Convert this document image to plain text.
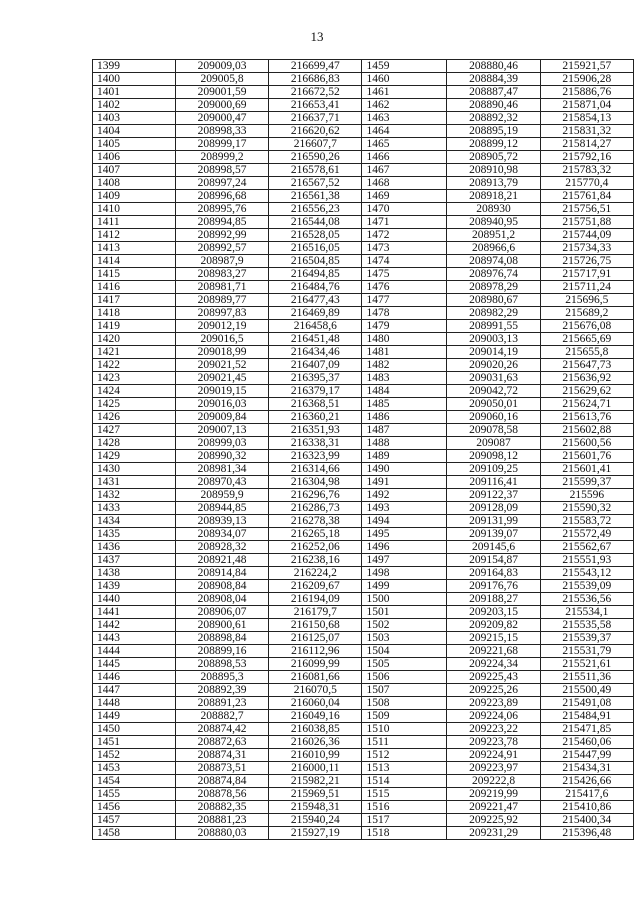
13
1399	209009,03	216699,47	1459	208880,46	215921,57
1400	209005,8	216686,83	1460	208884,39	215906,28
1401	209001,59	216672,52	1461	208887,47	215886,76
1402	209000,69	216653,41	1462	208890,46	215871,04
1403	209000,47	216637,71	1463	208892,32	215854,13
1404	208998,33	216620,62	1464	208895,19	215831,32
1405	208999,17	216607,7	1465	208899,12	215814,27
1406	208999,2	216590,26	1466	208905,72	215792,16
1407	208998,57	216578,61	1467	208910,98	215783,32
1408	208997,24	216567,52	1468	208913,79	215770,4
1409	208996,68	216561,38	1469	208918,21	215761,84
1410	208995,76	216556,23	1470	208930	215756,51
1411	208994,85	216544,08	1471	208940,95	215751,88
1412	208992,99	216528,05	1472	208951,2	215744,09
1413	208992,57	216516,05	1473	208966,6	215734,33
1414	208987,9	216504,85	1474	208974,08	215726,75
1415	208983,27	216494,85	1475	208976,74	215717,91
1416	208981,71	216484,76	1476	208978,29	215711,24
1417	208989,77	216477,43	1477	208980,67	215696,5
1418	208997,83	216469,89	1478	208982,29	215689,2
1419	209012,19	216458,6	1479	208991,55	215676,08
1420	209016,5	216451,48	1480	209003,13	215665,69
1421	209018,99	216434,46	1481	209014,19	215655,8
1422	209021,52	216407,09	1482	209020,26	215647,73
1423	209021,45	216395,37	1483	209031,63	215636,92
1424	209019,15	216379,17	1484	209042,72	215629,62
1425	209016,03	216368,51	1485	209050,01	215624,71
1426	209009,84	216360,21	1486	209060,16	215613,76
1427	209007,13	216351,93	1487	209078,58	215602,88
1428	208999,03	216338,31	1488	209087	215600,56
1429	208990,32	216323,99	1489	209098,12	215601,76
1430	208981,34	216314,66	1490	209109,25	215601,41
1431	208970,43	216304,98	1491	209116,41	215599,37
1432	208959,9	216296,76	1492	209122,37	215596
1433	208944,85	216286,73	1493	209128,09	215590,32
1434	208939,13	216278,38	1494	209131,99	215583,72
1435	208934,07	216265,18	1495	209139,07	215572,49
1436	208928,32	216252,06	1496	209145,6	215562,67
1437	208921,48	216238,16	1497	209154,87	215551,93
1438	208914,84	216224,2	1498	209164,83	215543,12
1439	208908,84	216209,67	1499	209176,76	215539,09
1440	208908,04	216194,09	1500	209188,27	215536,56
1441	208906,07	216179,7	1501	209203,15	215534,1
1442	208900,61	216150,68	1502	209209,82	215535,58
1443	208898,84	216125,07	1503	209215,15	215539,37
1444	208899,16	216112,96	1504	209221,68	215531,79
1445	208898,53	216099,99	1505	209224,34	215521,61
1446	208895,3	216081,66	1506	209225,43	215511,36
1447	208892,39	216070,5	1507	209225,26	215500,49
1448	208891,23	216060,04	1508	209223,89	215491,08
1449	208882,7	216049,16	1509	209224,06	215484,91
1450	208874,42	216038,85	1510	209223,22	215471,85
1451	208872,63	216026,36	1511	209223,78	215460,06
1452	208874,31	216010,99	1512	209224,91	215447,99
1453	208873,51	216000,11	1513	209223,97	215434,31
1454	208874,84	215982,21	1514	209222,8	215426,66
1455	208878,56	215969,51	1515	209219,99	215417,6
1456	208882,35	215948,31	1516	209221,47	215410,86
1457	208881,23	215940,24	1517	209225,92	215400,34
1458	208880,03	215927,19	1518	209231,29	215396,48
